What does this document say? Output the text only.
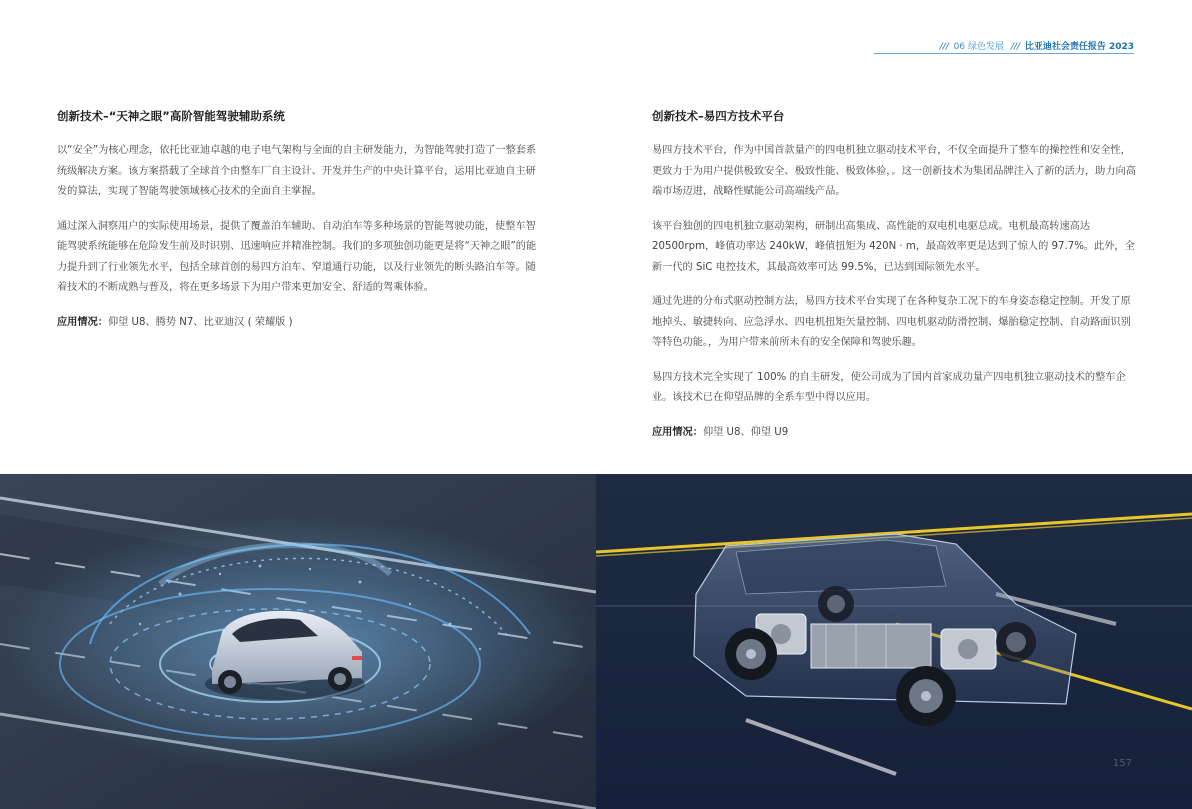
/// 06 绿色发展 /// 比亚迪社会责任报告 2023
创新技术–“天神之眼”高阶智能驾驶辅助系统

以“安全”为核心理念，依托比亚迪卓越的电子电气架构与全面的自主研发能力，为智能驾驶打造了一整套系统级解决方案。该方案搭载了全球首个由整车厂自主设计、开发并生产的中央计算平台，运用比亚迪自主研发的算法，实现了智能驾驶领域核心技术的全面自主掌握。

通过深入洞察用户的实际使用场景，提供了覆盖泊车辅助、自动泊车等多种场景的智能驾驶功能，使整车智能驾驶系统能够在危险发生前及时识别、迅速响应并精准控制。我们的多项独创功能更是将“天神之眼”的能力提升到了行业领先水平，包括全球首创的易四方泊车、窄道通行功能，以及行业领先的断头路泊车等。随着技术的不断成熟与普及，将在更多场景下为用户带来更加安全、舒适的驾乘体验。

应用情况：仰望 U8、腾势 N7、比亚迪汉 ( 荣耀版 )

创新技术–易四方技术平台

易四方技术平台，作为中国首款量产的四电机独立驱动技术平台，不仅全面提升了整车的操控性和安全性，更致力于为用户提供极致安全、极致性能、极致体验，。这一创新技术为集团品牌注入了新的活力，助力向高端市场迈进，战略性赋能公司高端线产品。

该平台独创的四电机独立驱动架构，研制出高集成、高性能的双电机电驱总成。电机最高转速高达 20500rpm，峰值功率达 240kW，峰值扭矩为 420N · m，最高效率更是达到了惊人的 97.7%。此外，全新一代的 SiC 电控技术，其最高效率可达 99.5%，已达到国际领先水平。

通过先进的分布式驱动控制方法，易四方技术平台实现了在各种复杂工况下的车身姿态稳定控制。开发了原地掉头、敏捷转向、应急浮水、四电机扭矩矢量控制、四电机驱动防滑控制、爆胎稳定控制、自动路面识别等特色功能。，为用户带来前所未有的安全保障和驾驶乐趣。

易四方技术完全实现了 100% 的自主研发，使公司成为了国内首家成功量产四电机独立驱动技术的整车企业。该技术已在仰望品牌的全系车型中得以应用。

应用情况：仰望 U8、仰望 U9

157
